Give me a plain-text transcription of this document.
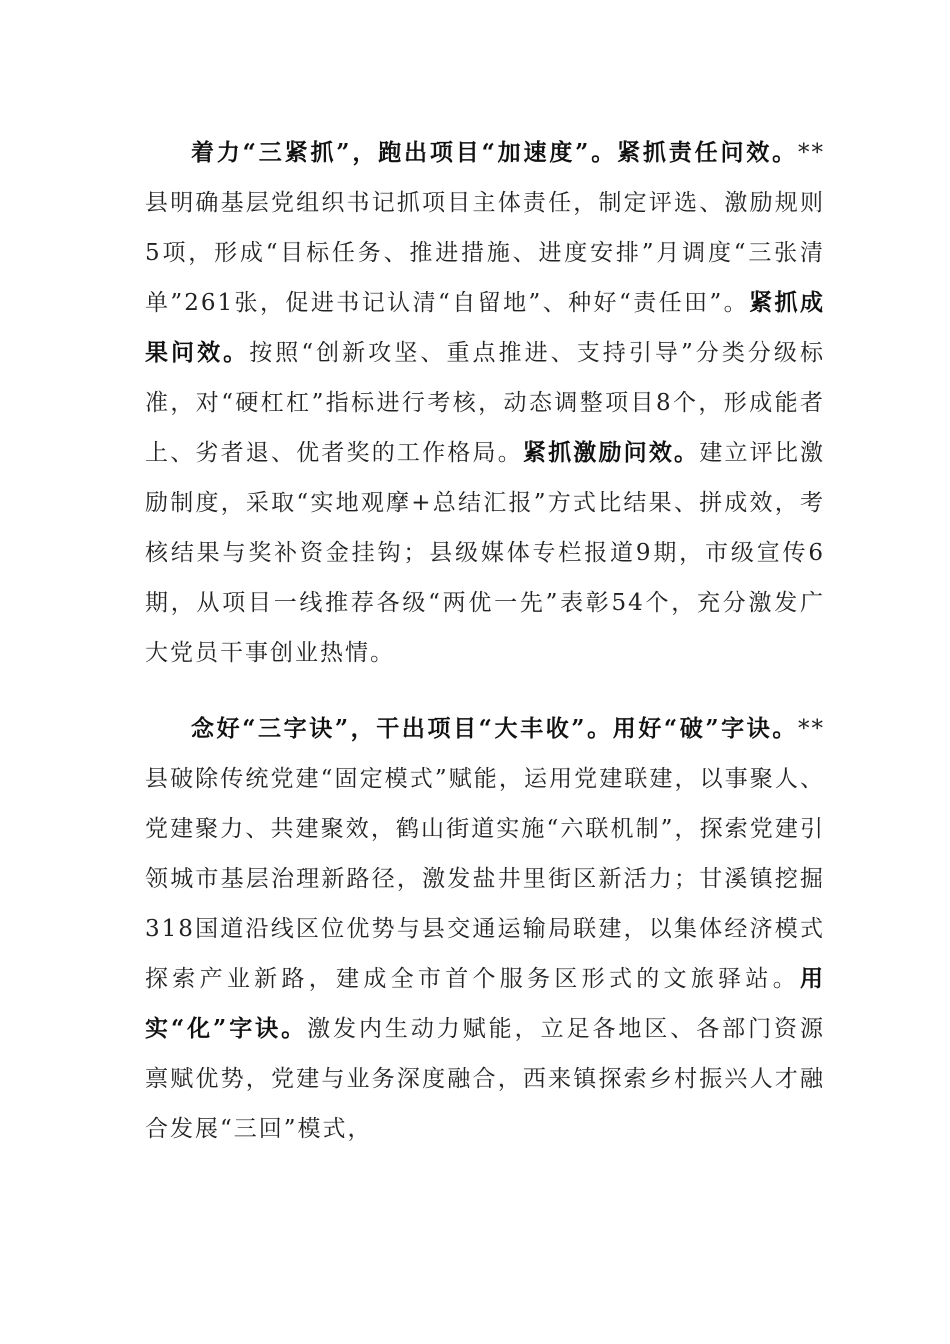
着力“三紧抓”，跑出项目“加速度”。紧抓责任问效。**县明确基层党组织书记抓项目主体责任，制定评选、激励规则5项，形成“目标任务、推进措施、进度安排”月调度“三张清单”261张，促进书记认清“自留地”、种好“责任田”。紧抓成果问效。按照“创新攻坚、重点推进、支持引导”分类分级标准，对“硬杠杠”指标进行考核，动态调整项目8个，形成能者上、劣者退、优者奖的工作格局。紧抓激励问效。建立评比激励制度，采取“实地观摩+总结汇报”方式比结果、拼成效，考核结果与奖补资金挂钩；县级媒体专栏报道9期，市级宣传6期，从项目一线推荐各级“两优一先”表彰54个，充分激发广大党员干事创业热情。

念好“三字诀”，干出项目“大丰收”。用好“破”字诀。**县破除传统党建“固定模式”赋能，运用党建联建，以事聚人、党建聚力、共建聚效，鹤山街道实施“六联机制”，探索党建引领城市基层治理新路径，激发盐井里街区新活力；甘溪镇挖掘318国道沿线区位优势与县交通运输局联建，以集体经济模式探索产业新路，建成全市首个服务区形式的文旅驿站。用实“化”字诀。激发内生动力赋能，立足各地区、各部门资源禀赋优势，党建与业务深度融合，西来镇探索乡村振兴人才融合发展“三回”模式，
